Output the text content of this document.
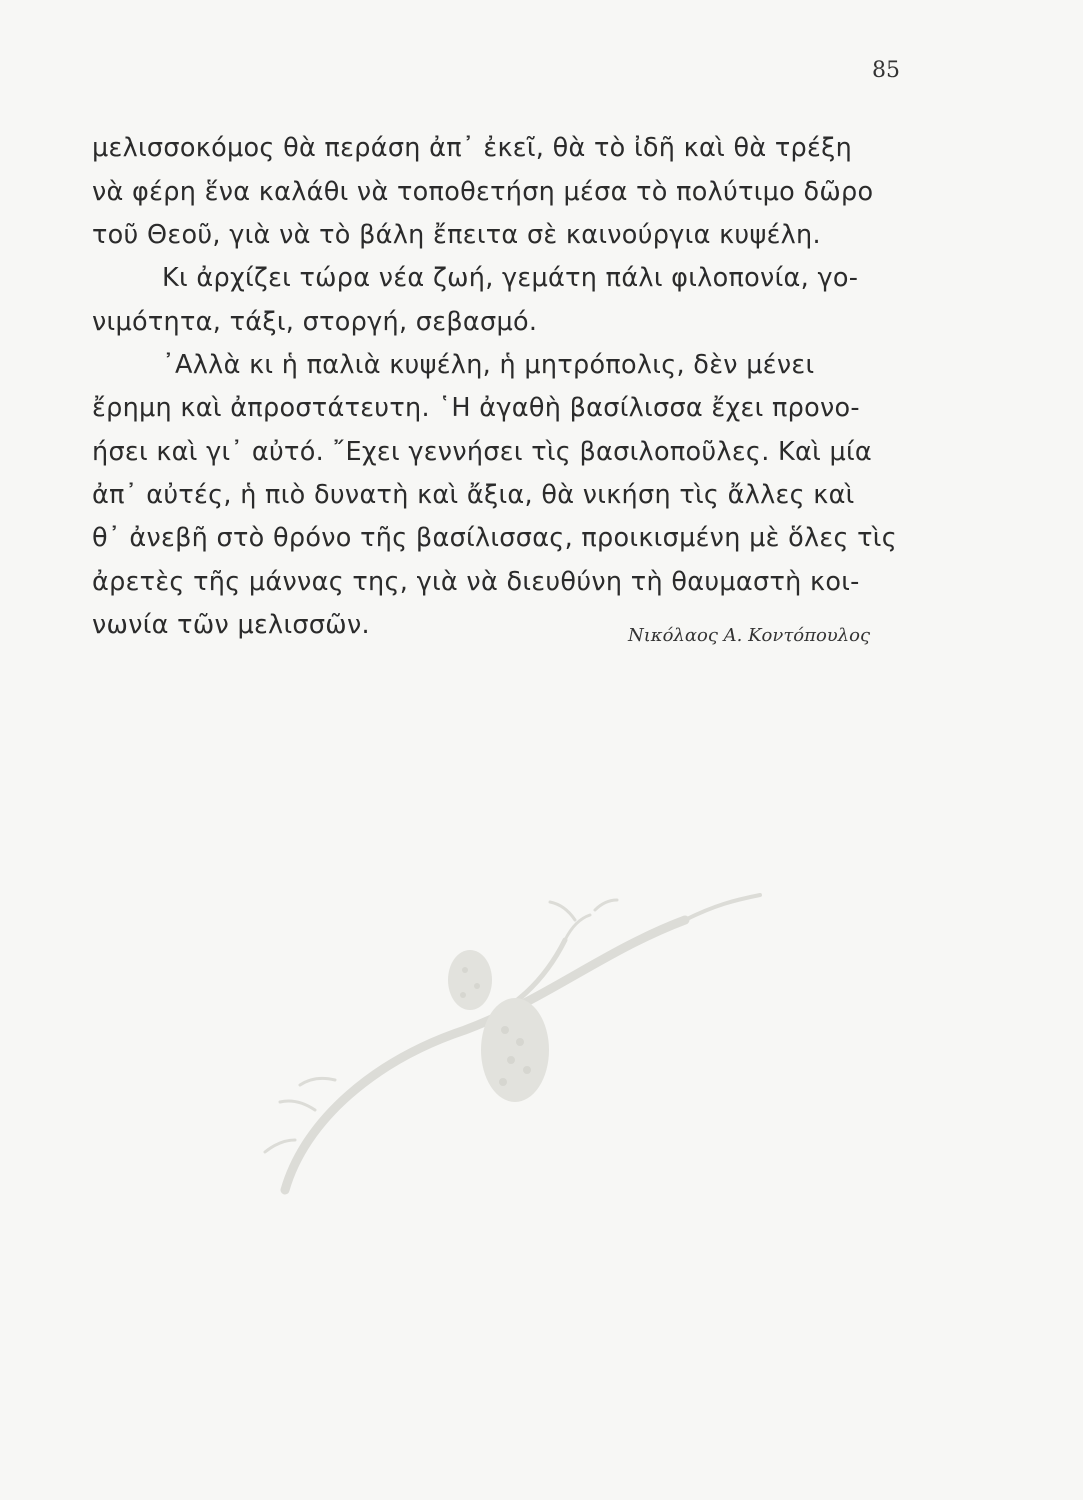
85
μελισσοκόμος θὰ περάση ἀπ᾽ ἐκεῖ, θὰ τὸ ἰδῆ καὶ θὰ τρέξη
νὰ φέρη ἕνα καλάθι νὰ τοποθετήση μέσα τὸ πολύτιμο δῶρο
τοῦ Θεοῦ, γιὰ νὰ τὸ βάλη ἔπειτα σὲ καινούργια κυψέλη.
Κι ἀρχίζει τώρα νέα ζωή, γεμάτη πάλι φιλοπονία, γο-
νιμότητα, τάξι, στοργή, σεβασμό.
᾽Αλλὰ κι ἡ παλιὰ κυψέλη, ἡ μητρόπολις, δὲν μένει
ἔρημη καὶ ἀπροστάτευτη. ῾Η ἀγαθὴ βασίλισσα ἔχει προνο-
ήσει καὶ γι᾽ αὐτό. ῎Εχει γεννήσει τὶς βασιλοποῦλες. Καὶ μία
ἀπ᾽ αὐτές, ἡ πιὸ δυνατὴ καὶ ἄξια, θὰ νικήση τὶς ἄλλες καὶ
θ᾽ ἀνεβῆ στὸ θρόνο τῆς βασίλισσας, προικισμένη μὲ ὅλες τὶς
ἀρετὲς τῆς μάννας της, γιὰ νὰ διευθύνη τὴ θαυμαστὴ κοι-
νωνία τῶν μελισσῶν.	Νικόλαος Α. Κοντόπουλος
